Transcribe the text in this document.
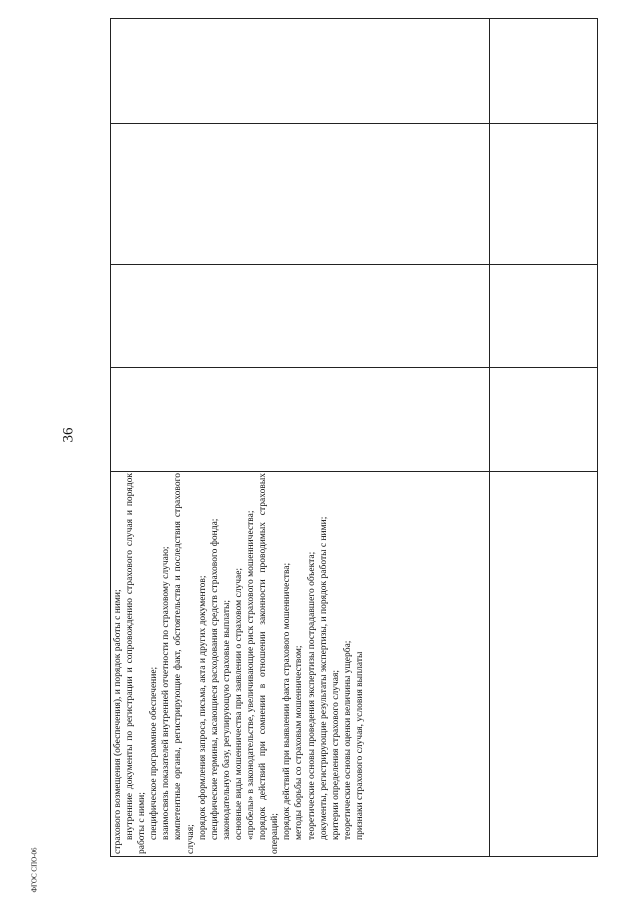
36

страхового возмещения (обеспечения), и порядок работы с ними; внутренние документы по регистрации и сопровождению страхового случая и порядок работы с ними; специфическое программное обеспечение; взаимосвязь показателей внутренней отчетности по страховому случаю; компетентные органы, регистрирующие факт, обстоятельства и последствия страхового случая; порядок оформления запроса, письма, акта и других документов; специфические термины, касающиеся расходования средств страхового фонда; законодательную базу, регулирующую страховые выплаты; основные виды мошенничества при заявлении о страховом случае; «пробелы» в законодательстве, увеличивающие риск страхового мошенничества; порядок действий при сомнении в отношении законности проводимых страховых операций; порядок действий при выявлении факта страхового мошенничества; методы борьбы со страховым мошенничеством; теоретические основы проведения экспертизы пострадавшего объекта; документы, регистрирующие результаты экспертизы, и порядок работы с ними; критерии определения страхового случая; теоретические основы оценки величины ущерба; признаки страхового случая, условия выплаты

ФГОС СПО-06
